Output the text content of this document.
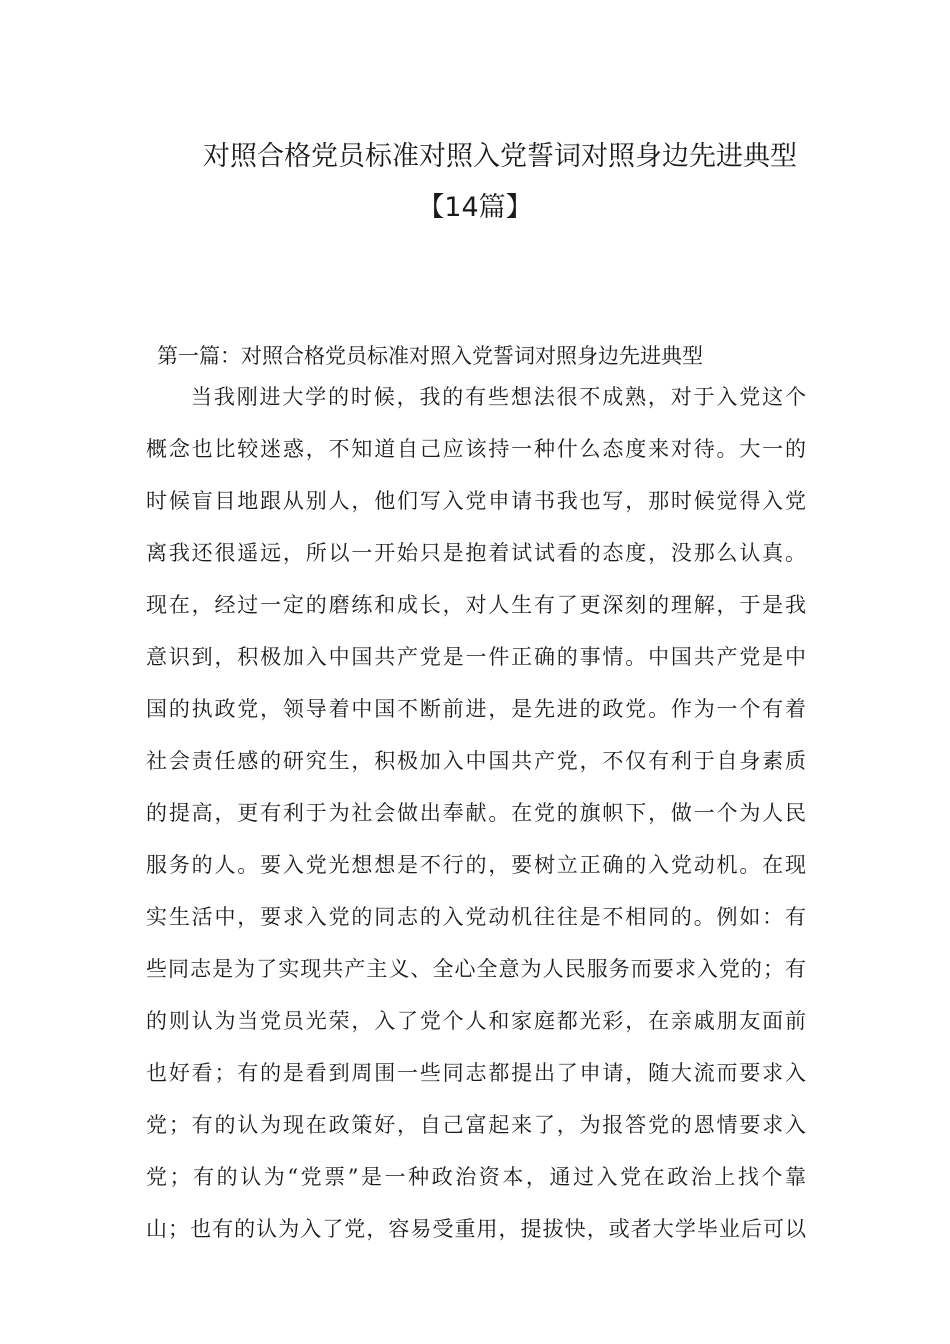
对照合格党员标准对照入党誓词对照身边先进典型
【14篇】
第一篇：对照合格党员标准对照入党誓词对照身边先进典型
当我刚进大学的时候，我的有些想法很不成熟，对于入党这个
概念也比较迷惑，不知道自己应该持一种什么态度来对待。大一的
时候盲目地跟从别人，他们写入党申请书我也写，那时候觉得入党
离我还很遥远，所以一开始只是抱着试试看的态度，没那么认真。
现在，经过一定的磨练和成长，对人生有了更深刻的理解，于是我
意识到，积极加入中国共产党是一件正确的事情。中国共产党是中
国的执政党，领导着中国不断前进，是先进的政党。作为一个有着
社会责任感的研究生，积极加入中国共产党，不仅有利于自身素质
的提高，更有利于为社会做出奉献。在党的旗帜下，做一个为人民
服务的人。要入党光想想是不行的，要树立正确的入党动机。在现
实生活中，要求入党的同志的入党动机往往是不相同的。例如：有
些同志是为了实现共产主义、全心全意为人民服务而要求入党的；有
的则认为当党员光荣，入了党个人和家庭都光彩，在亲戚朋友面前
也好看；有的是看到周围一些同志都提出了申请，随大流而要求入
党；有的认为现在政策好，自己富起来了，为报答党的恩情要求入
党；有的认为“党票”是一种政治资本，通过入党在政治上找个靠
山；也有的认为入了党，容易受重用，提拔快，或者大学毕业后可以
